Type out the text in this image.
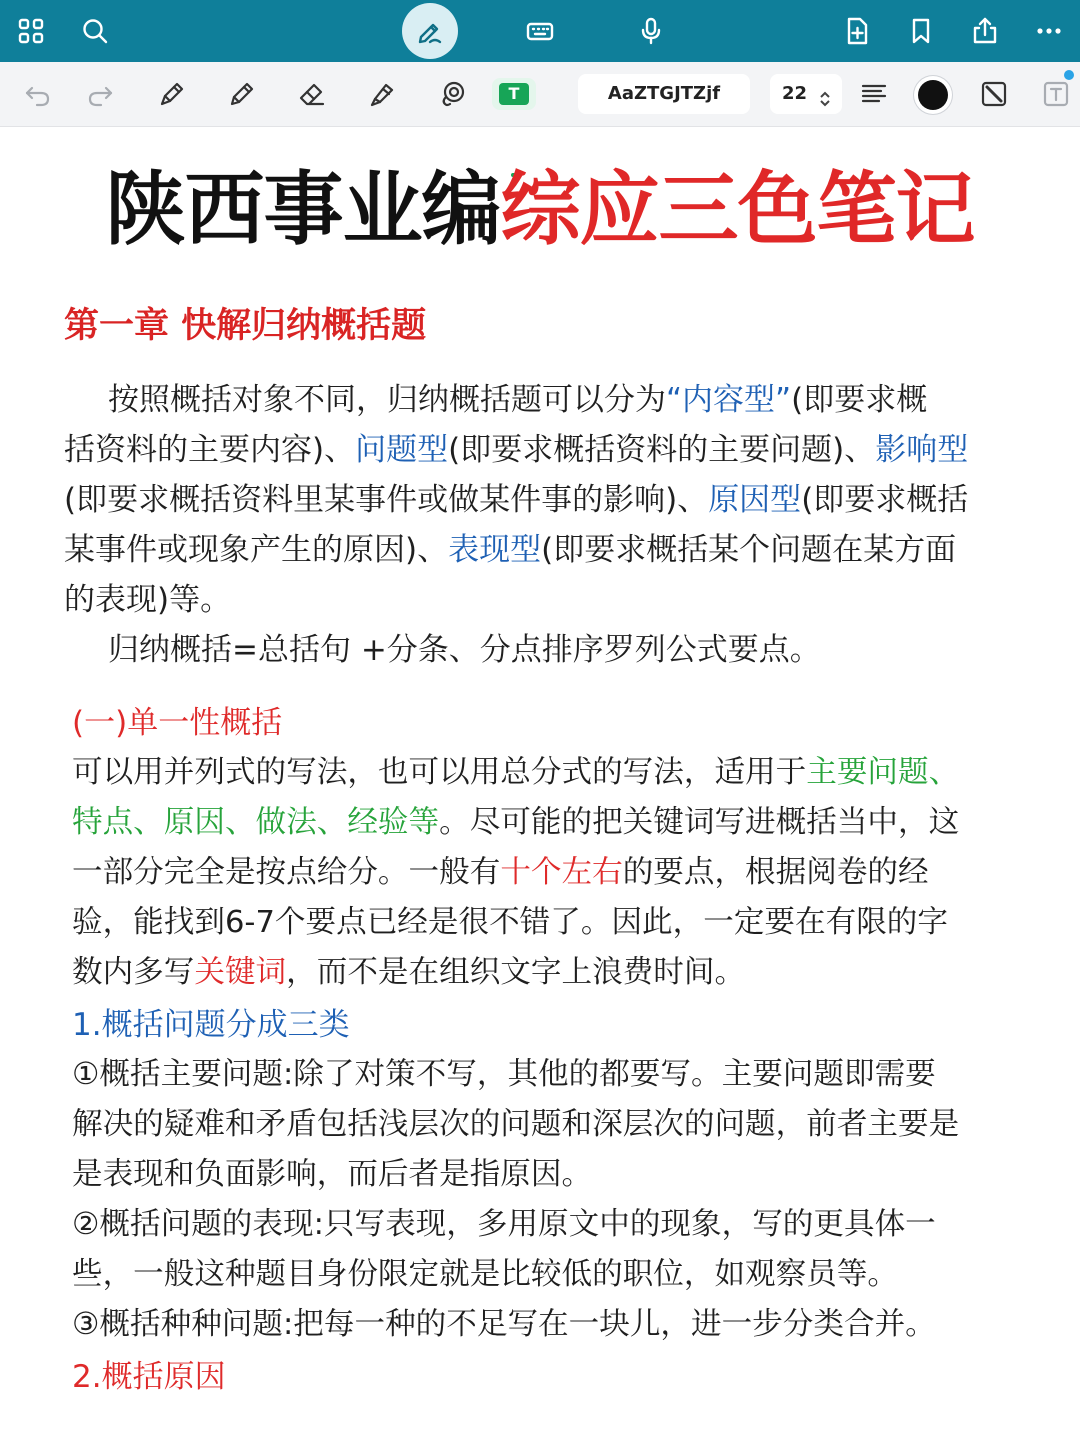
T	AaZTGJTZjf	22
陕西事业编综应三色笔记
第一章 快解归纳概括题
按照概括对象不同，归纳概括题可以分为“内容型”(即要求概
括资料的主要内容)、问题型(即要求概括资料的主要问题)、影响型
(即要求概括资料里某事件或做某件事的影响)、原因型(即要求概括
某事件或现象产生的原因)、表现型(即要求概括某个问题在某方面
的表现)等。
归纳概括=总括句 +分条、分点排序罗列公式要点。
(一)单一性概括
可以用并列式的写法，也可以用总分式的写法，适用于主要问题、
特点、原因、做法、经验等。尽可能的把关键词写进概括当中，这
一部分完全是按点给分。一般有十个左右的要点，根据阅卷的经
验，能找到6-7个要点已经是很不错了。因此，一定要在有限的字
数内多写关键词，而不是在组织文字上浪费时间。
1.概括问题分成三类
①概括主要问题:除了对策不写，其他的都要写。主要问题即需要
解决的疑难和矛盾包括浅层次的问题和深层次的问题，前者主要是
是表现和负面影响，而后者是指原因。
②概括问题的表现:只写表现，多用原文中的现象，写的更具体一
些，一般这种题目身份限定就是比较低的职位，如观察员等。
③概括种种问题:把每一种的不足写在一块儿，进一步分类合并。
2.概括原因
